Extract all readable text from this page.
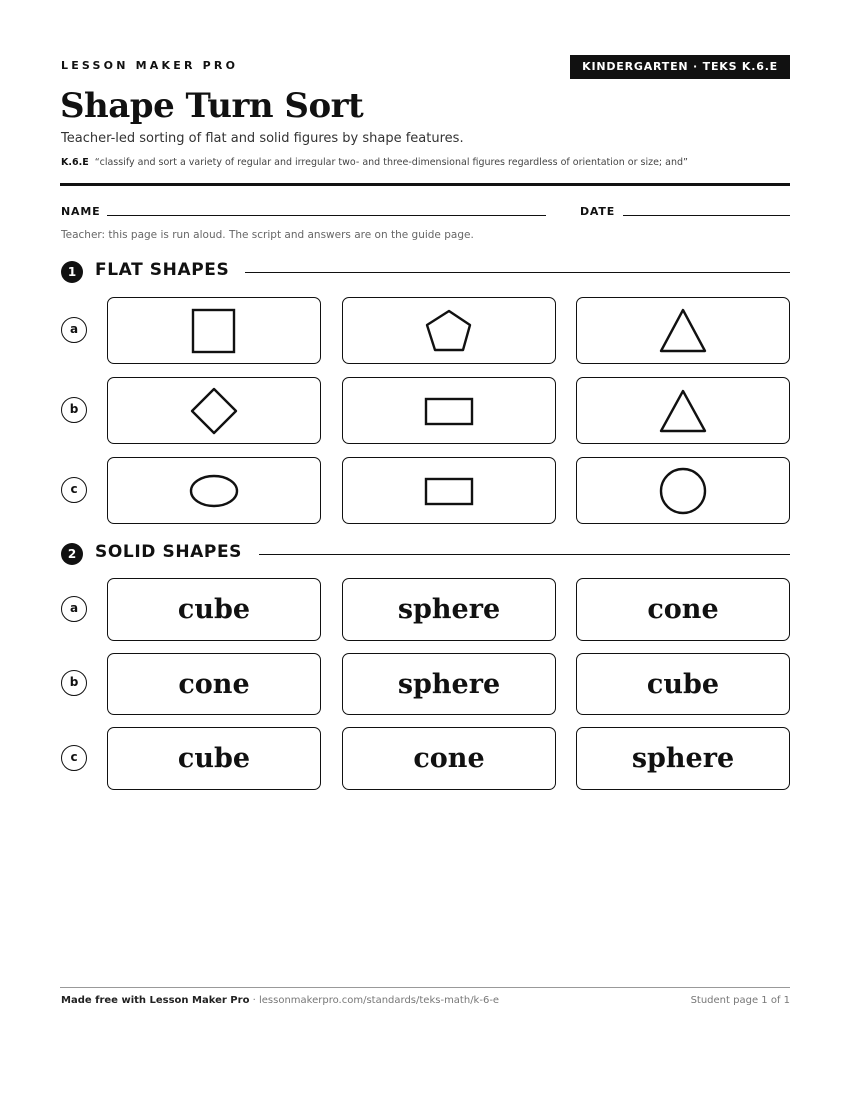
LESSON MAKER PRO	KINDERGARTEN · TEKS K.6.E
Shape Turn Sort
Teacher-led sorting of flat and solid figures by shape features.
K.6.E “classify and sort a variety of regular and irregular two- and three-dimensional figures regardless of orientation or size; and”
NAME	DATE
Teacher: this page is run aloud. The script and answers are on the guide page.
1	FLAT SHAPES
a
b
c
2	SOLID SHAPES
a	cube	sphere	cone
b	cone	sphere	cube
c	cube	cone	sphere
Made free with Lesson Maker Pro · lessonmakerpro.com/standards/teks-math/k-6-e	Student page 1 of 1
